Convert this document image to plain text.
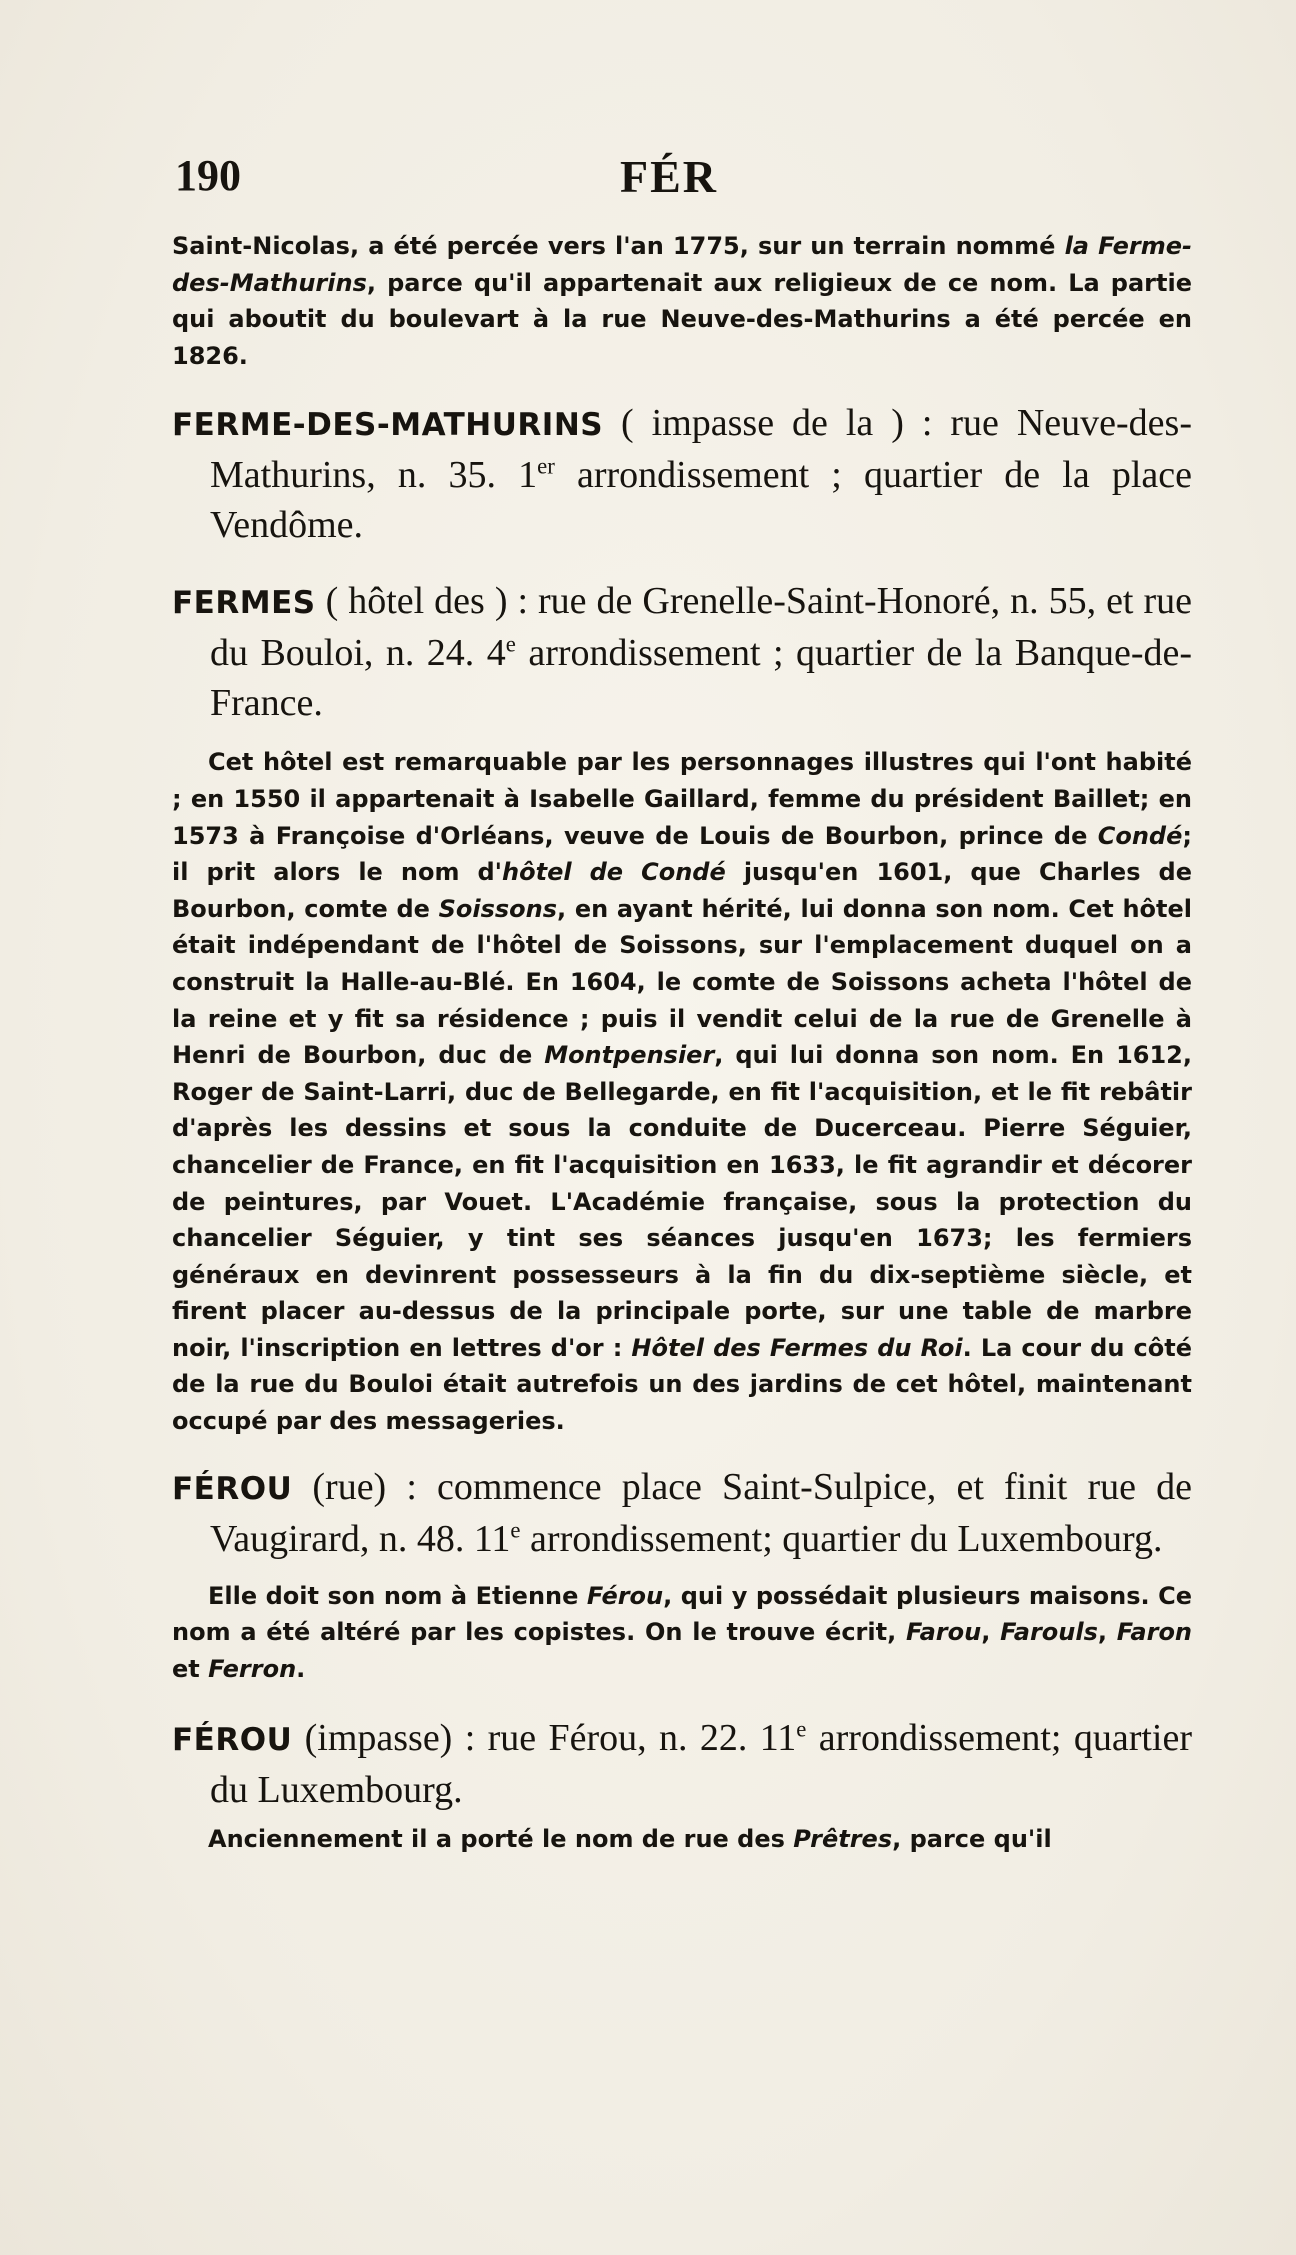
190	FÉR

Saint-Nicolas, a été percée vers l'an 1775, sur un terrain nommé la Ferme-des-Mathurins, parce qu'il appartenait aux religieux de ce nom. La partie qui aboutit du boulevart à la rue Neuve-des-Mathurins a été percée en 1826.

FERME-DES-MATHURINS ( impasse de la ) : rue Neuve-des-Mathurins, n. 35. 1er arrondissement ; quartier de la place Vendôme.

FERMES ( hôtel des ) : rue de Grenelle-Saint-Honoré, n. 55, et rue du Bouloi, n. 24. 4e arrondissement ; quartier de la Banque-de-France.

Cet hôtel est remarquable par les personnages illustres qui l'ont habité ; en 1550 il appartenait à Isabelle Gaillard, femme du président Baillet; en 1573 à Françoise d'Orléans, veuve de Louis de Bourbon, prince de Condé; il prit alors le nom d'hôtel de Condé jusqu'en 1601, que Charles de Bourbon, comte de Soissons, en ayant hérité, lui donna son nom. Cet hôtel était indépendant de l'hôtel de Soissons, sur l'emplacement duquel on a construit la Halle-au-Blé. En 1604, le comte de Soissons acheta l'hôtel de la reine et y fit sa résidence ; puis il vendit celui de la rue de Grenelle à Henri de Bourbon, duc de Montpensier, qui lui donna son nom. En 1612, Roger de Saint-Larri, duc de Bellegarde, en fit l'acquisition, et le fit rebâtir d'après les dessins et sous la conduite de Ducerceau. Pierre Séguier, chancelier de France, en fit l'acquisition en 1633, le fit agrandir et décorer de peintures, par Vouet. L'Académie française, sous la protection du chancelier Séguier, y tint ses séances jusqu'en 1673; les fermiers généraux en devinrent possesseurs à la fin du dix-septième siècle, et firent placer au-dessus de la principale porte, sur une table de marbre noir, l'inscription en lettres d'or : Hôtel des Fermes du Roi. La cour du côté de la rue du Bouloi était autrefois un des jardins de cet hôtel, maintenant occupé par des messageries.

FÉROU (rue) : commence place Saint-Sulpice, et finit rue de Vaugirard, n. 48. 11e arrondissement; quartier du Luxembourg.

Elle doit son nom à Etienne Férou, qui y possédait plusieurs maisons. Ce nom a été altéré par les copistes. On le trouve écrit, Farou, Farouls, Faron et Ferron.

FÉROU (impasse) : rue Férou, n. 22. 11e arrondissement; quartier du Luxembourg.

Anciennement il a porté le nom de rue des Prêtres, parce qu'il
